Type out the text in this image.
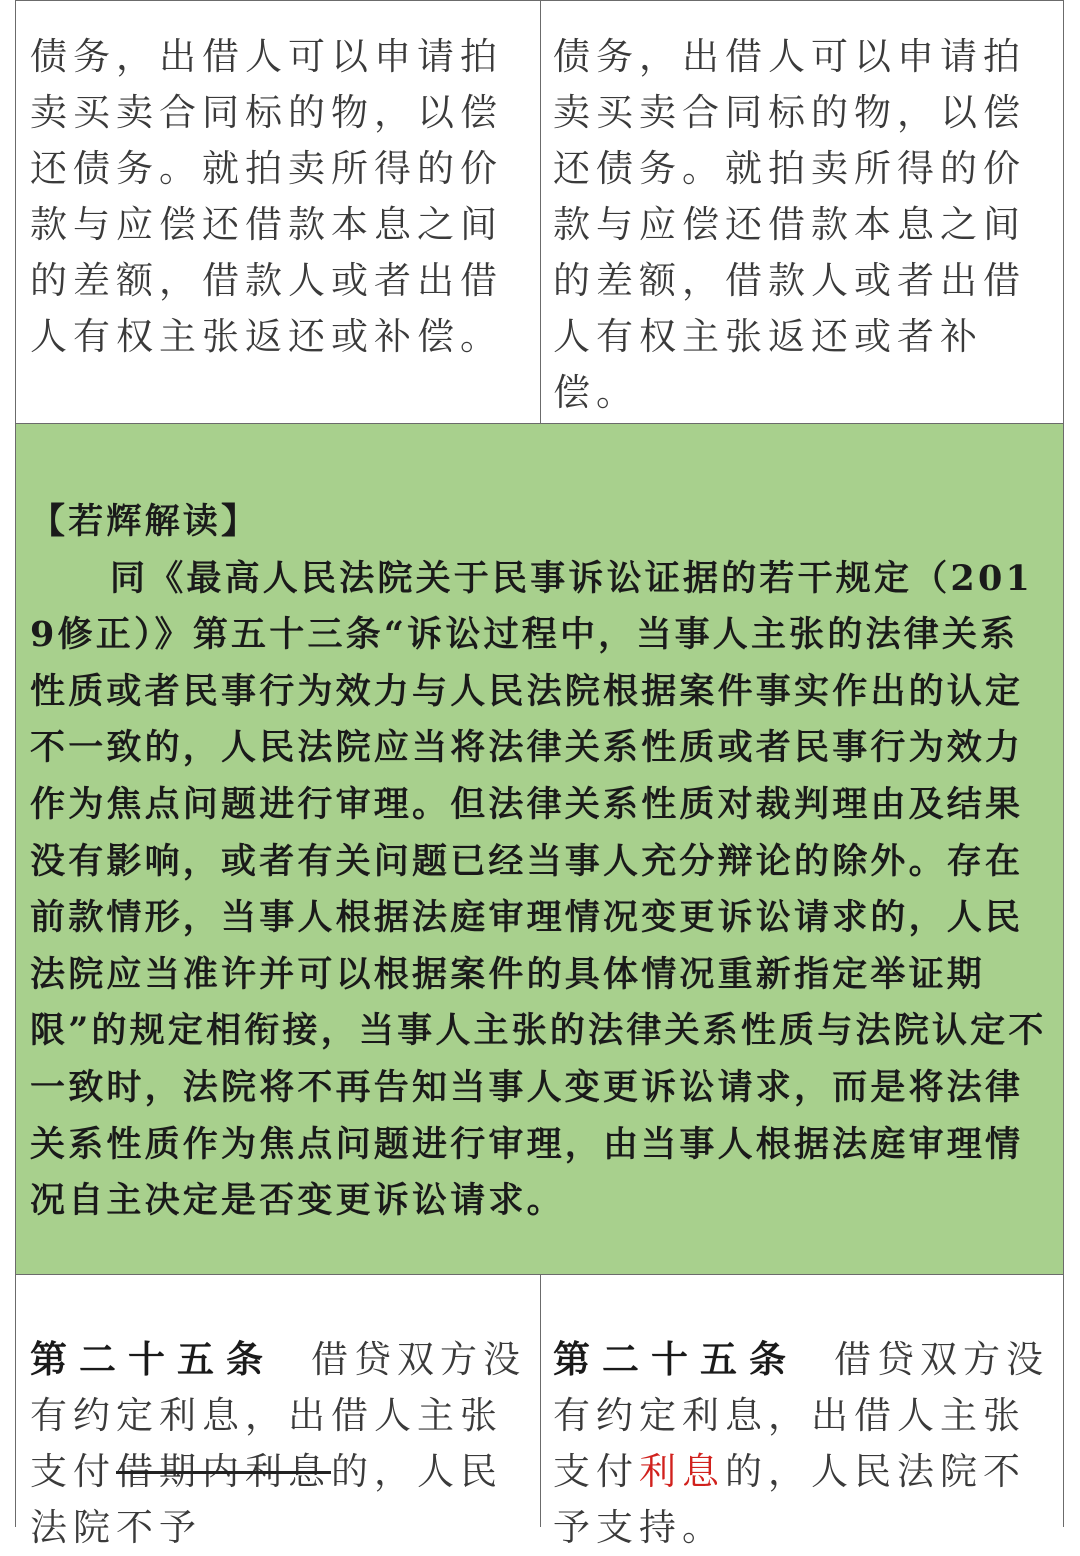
债务，出借人可以申请拍卖买卖合同标的物，以偿还债务。就拍卖所得的价款与应偿还借款本息之间的差额，借款人或者出借人有权主张返还或补偿。
债务，出借人可以申请拍卖买卖合同标的物，以偿还债务。就拍卖所得的价款与应偿还借款本息之间的差额，借款人或者出借人有权主张返还或者补偿。
【若辉解读】
同《最高人民法院关于民事诉讼证据的若干规定（2019修正）》第五十三条“诉讼过程中，当事人主张的法律关系性质或者民事行为效力与人民法院根据案件事实作出的认定不一致的，人民法院应当将法律关系性质或者民事行为效力作为焦点问题进行审理。但法律关系性质对裁判理由及结果没有影响，或者有关问题已经当事人充分辩论的除外。存在前款情形，当事人根据法庭审理情况变更诉讼请求的，人民法院应当准许并可以根据案件的具体情况重新指定举证期限”的规定相衔接，当事人主张的法律关系性质与法院认定不一致时，法院将不再告知当事人变更诉讼请求，而是将法律关系性质作为焦点问题进行审理，由当事人根据法庭审理情况自主决定是否变更诉讼请求。
第二十五条 借贷双方没有约定利息，出借人主张支付借期内利息的，人民法院不予
第二十五条 借贷双方没有约定利息，出借人主张支付利息的，人民法院不予支持。
